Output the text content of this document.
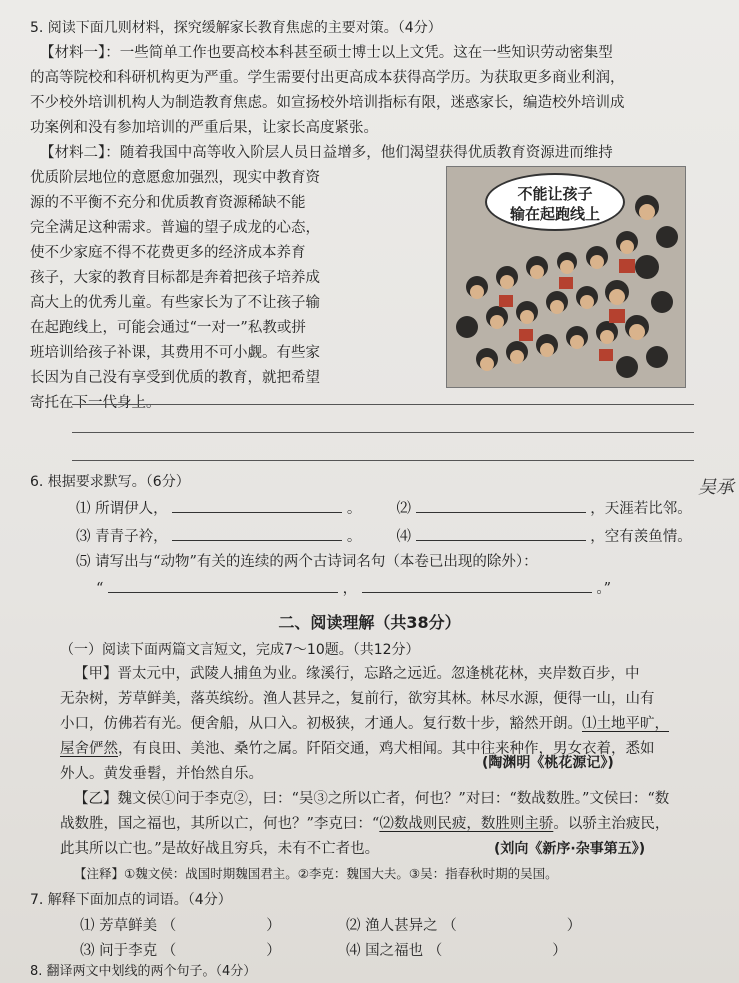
5. 阅读下面几则材料，探究缓解家长教育焦虑的主要对策。（4分）
【材料一】：一些简单工作也要高校本科甚至硕士博士以上文凭。这在一些知识劳动密集型
的高等院校和科研机构更为严重。学生需要付出更高成本获得高学历。为获取更多商业利润，
不少校外培训机构人为制造教育焦虑。如宣扬校外培训指标有限，迷惑家长，编造校外培训成
功案例和没有参加培训的严重后果，让家长高度紧张。
【材料二】：随着我国中高等收入阶层人员日益增多，他们渴望获得优质教育资源进而维持
优质阶层地位的意愿愈加强烈，现实中教育资
源的不平衡不充分和优质教育资源稀缺不能
完全满足这种需求。普遍的望子成龙的心态，
使不少家庭不得不花费更多的经济成本养育
孩子，大家的教育目标都是奔着把孩子培养成
高大上的优秀儿童。有些家长为了不让孩子输
在起跑线上，可能会通过“一对一”私教或拼
班培训给孩子补课，其费用不可小觑。有些家
长因为自己没有享受到优质的教育，就把希望
寄托在下一代身上。
不能让孩子
输在起跑线上
6. 根据要求默写。（6分）	吴承
⑴ 所谓伊人，	。 ⑵	，天涯若比邻。
⑶ 青青子衿，	。 ⑷	，空有羡鱼情。
⑸ 请写出与“动物”有关的连续的两个古诗词名句（本卷已出现的除外）：
“	，	。”
二、阅读理解（共38分）
（一）阅读下面两篇文言短文，完成7～10题。（共12分）
【甲】晋太元中，武陵人捕鱼为业。缘溪行，忘路之远近。忽逢桃花林，夹岸数百步，中
无杂树，芳草鲜美，落英缤纷。渔人甚异之，复前行，欲穷其林。林尽水源，便得一山，山有
小口，仿佛若有光。便舍船，从口入。初极狭，才通人。复行数十步，豁然开朗。⑴土地平旷，
屋舍俨然，有良田、美池、桑竹之属。阡陌交通，鸡犬相闻。其中往来种作，男女衣着，悉如
外人。黄发垂髫，并怡然自乐。
(陶渊明《桃花源记》)
【乙】魏文侯①问于李克②，曰：“吴③之所以亡者，何也？”对曰：“数战数胜。”文侯曰：“数
战数胜，国之福也，其所以亡，何也？”李克曰：“⑵数战则民疲，数胜则主骄。以骄主治疲民，
此其所以亡也。”是故好战且穷兵，未有不亡者也。	(刘向《新序·杂事第五》)
【注释】①魏文侯：战国时期魏国君主。②李克：魏国大夫。③吴：指春秋时期的吴国。
7. 解释下面加点的词语。（4分）
⑴ 芳草鲜美 （	）	⑵ 渔人甚异之 （	）
⑶ 问于李克 （	）	⑷ 国之福也 （	）
8. 翻译两文中划线的两个句子。（4分）
